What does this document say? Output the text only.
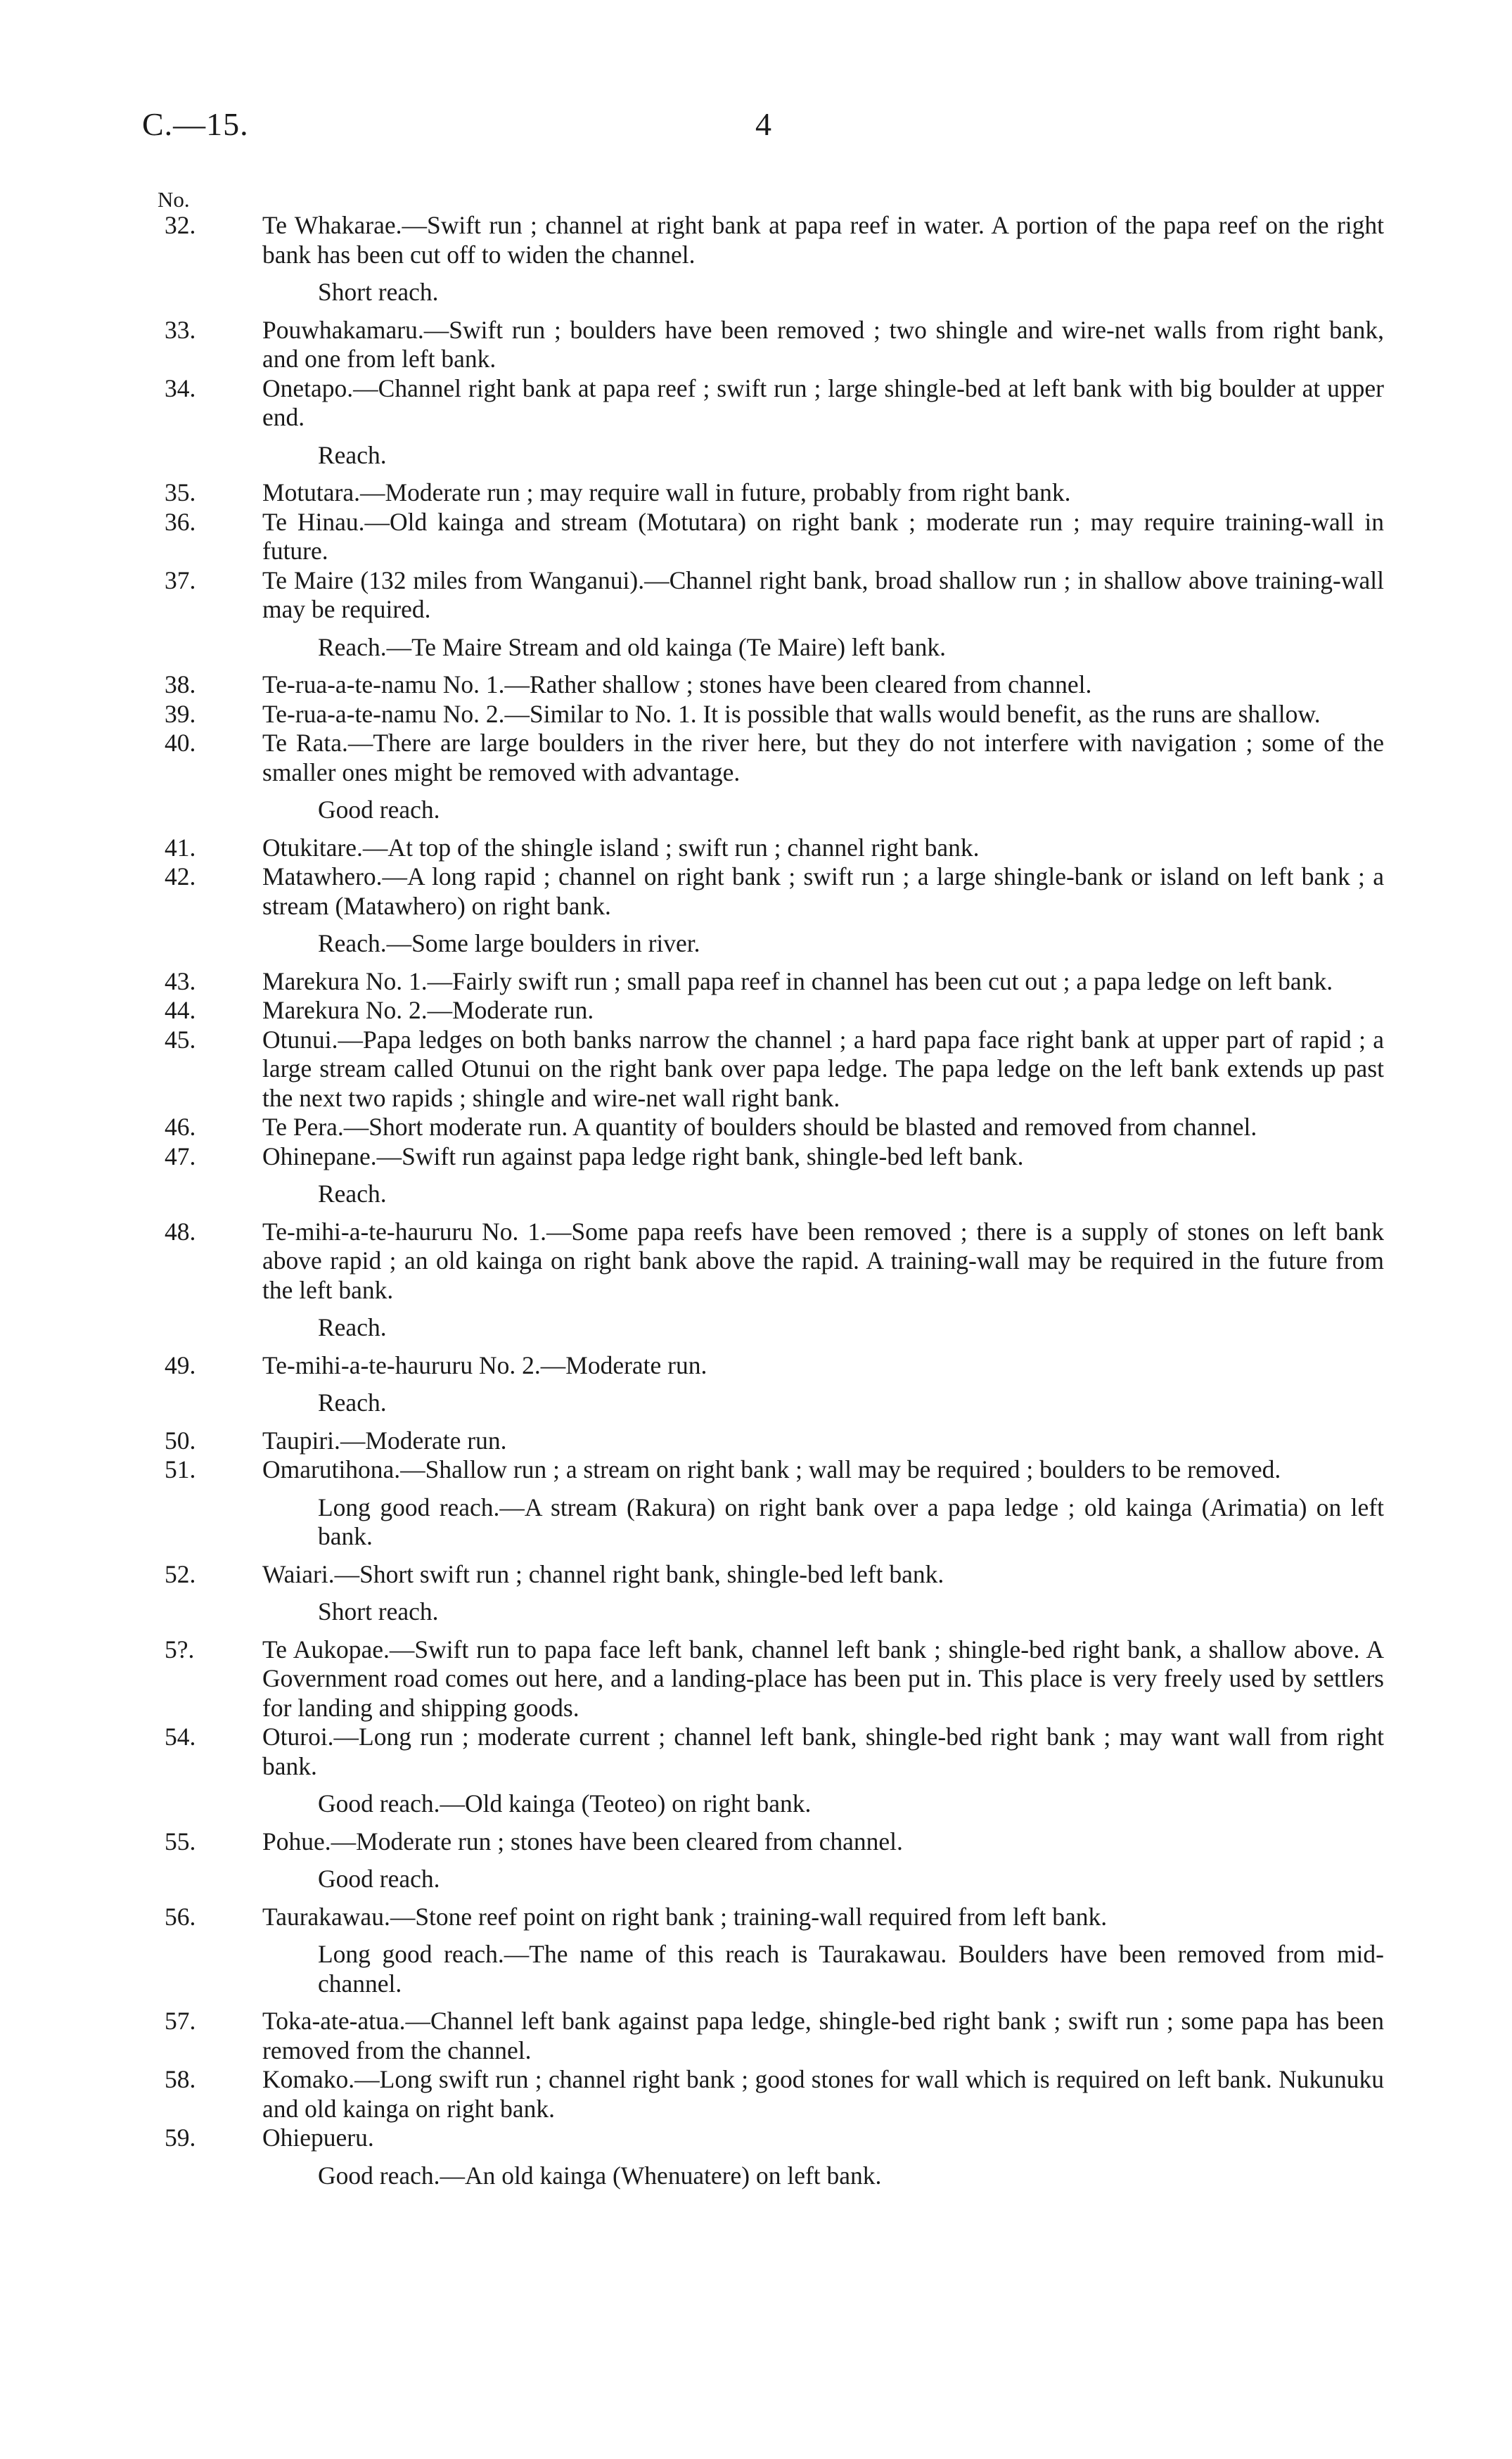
C.—15.	4
No.
32.	Te Whakarae.—Swift run ; channel at right bank at papa reef in water. A portion of the papa reef on the right bank has been cut off to widen the channel.
Short reach.
33.	Pouwhakamaru.—Swift run ; boulders have been removed ; two shingle and wire-net walls from right bank, and one from left bank.
34.	Onetapo.—Channel right bank at papa reef ; swift run ; large shingle-bed at left bank with big boulder at upper end.
Reach.
35.	Motutara.—Moderate run ; may require wall in future, probably from right bank.
36.	Te Hinau.—Old kainga and stream (Motutara) on right bank ; moderate run ; may require training-wall in future.
37.	Te Maire (132 miles from Wanganui).—Channel right bank, broad shallow run ; in shallow above training-wall may be required.
Reach.—Te Maire Stream and old kainga (Te Maire) left bank.
38.	Te-rua-a-te-namu No. 1.—Rather shallow ; stones have been cleared from channel.
39.	Te-rua-a-te-namu No. 2.—Similar to No. 1. It is possible that walls would benefit, as the runs are shallow.
40.	Te Rata.—There are large boulders in the river here, but they do not interfere with navigation ; some of the smaller ones might be removed with advantage.
Good reach.
41.	Otukitare.—At top of the shingle island ; swift run ; channel right bank.
42.	Matawhero.—A long rapid ; channel on right bank ; swift run ; a large shingle-bank or island on left bank ; a stream (Matawhero) on right bank.
Reach.—Some large boulders in river.
43.	Marekura No. 1.—Fairly swift run ; small papa reef in channel has been cut out ; a papa ledge on left bank.
44.	Marekura No. 2.—Moderate run.
45.	Otunui.—Papa ledges on both banks narrow the channel ; a hard papa face right bank at upper part of rapid ; a large stream called Otunui on the right bank over papa ledge. The papa ledge on the left bank extends up past the next two rapids ; shingle and wire-net wall right bank.
46.	Te Pera.—Short moderate run. A quantity of boulders should be blasted and removed from channel.
47.	Ohinepane.—Swift run against papa ledge right bank, shingle-bed left bank.
Reach.
48.	Te-mihi-a-te-haururu No. 1.—Some papa reefs have been removed ; there is a supply of stones on left bank above rapid ; an old kainga on right bank above the rapid. A training-wall may be required in the future from the left bank.
Reach.
49.	Te-mihi-a-te-haururu No. 2.—Moderate run.
Reach.
50.	Taupiri.—Moderate run.
51.	Omarutihona.—Shallow run ; a stream on right bank ; wall may be required ; boulders to be removed.
Long good reach.—A stream (Rakura) on right bank over a papa ledge ; old kainga (Arimatia) on left bank.
52.	Waiari.—Short swift run ; channel right bank, shingle-bed left bank.
Short reach.
5?.	Te Aukopae.—Swift run to papa face left bank, channel left bank ; shingle-bed right bank, a shallow above. A Government road comes out here, and a landing-place has been put in. This place is very freely used by settlers for landing and shipping goods.
54.	Oturoi.—Long run ; moderate current ; channel left bank, shingle-bed right bank ; may want wall from right bank.
Good reach.—Old kainga (Teoteo) on right bank.
55.	Pohue.—Moderate run ; stones have been cleared from channel.
Good reach.
56.	Taurakawau.—Stone reef point on right bank ; training-wall required from left bank.
Long good reach.—The name of this reach is Taurakawau. Boulders have been removed from mid-channel.
57.	Toka-ate-atua.—Channel left bank against papa ledge, shingle-bed right bank ; swift run ; some papa has been removed from the channel.
58.	Komako.—Long swift run ; channel right bank ; good stones for wall which is required on left bank. Nukunuku and old kainga on right bank.
59.	Ohiepueru.
Good reach.—An old kainga (Whenuatere) on left bank.
